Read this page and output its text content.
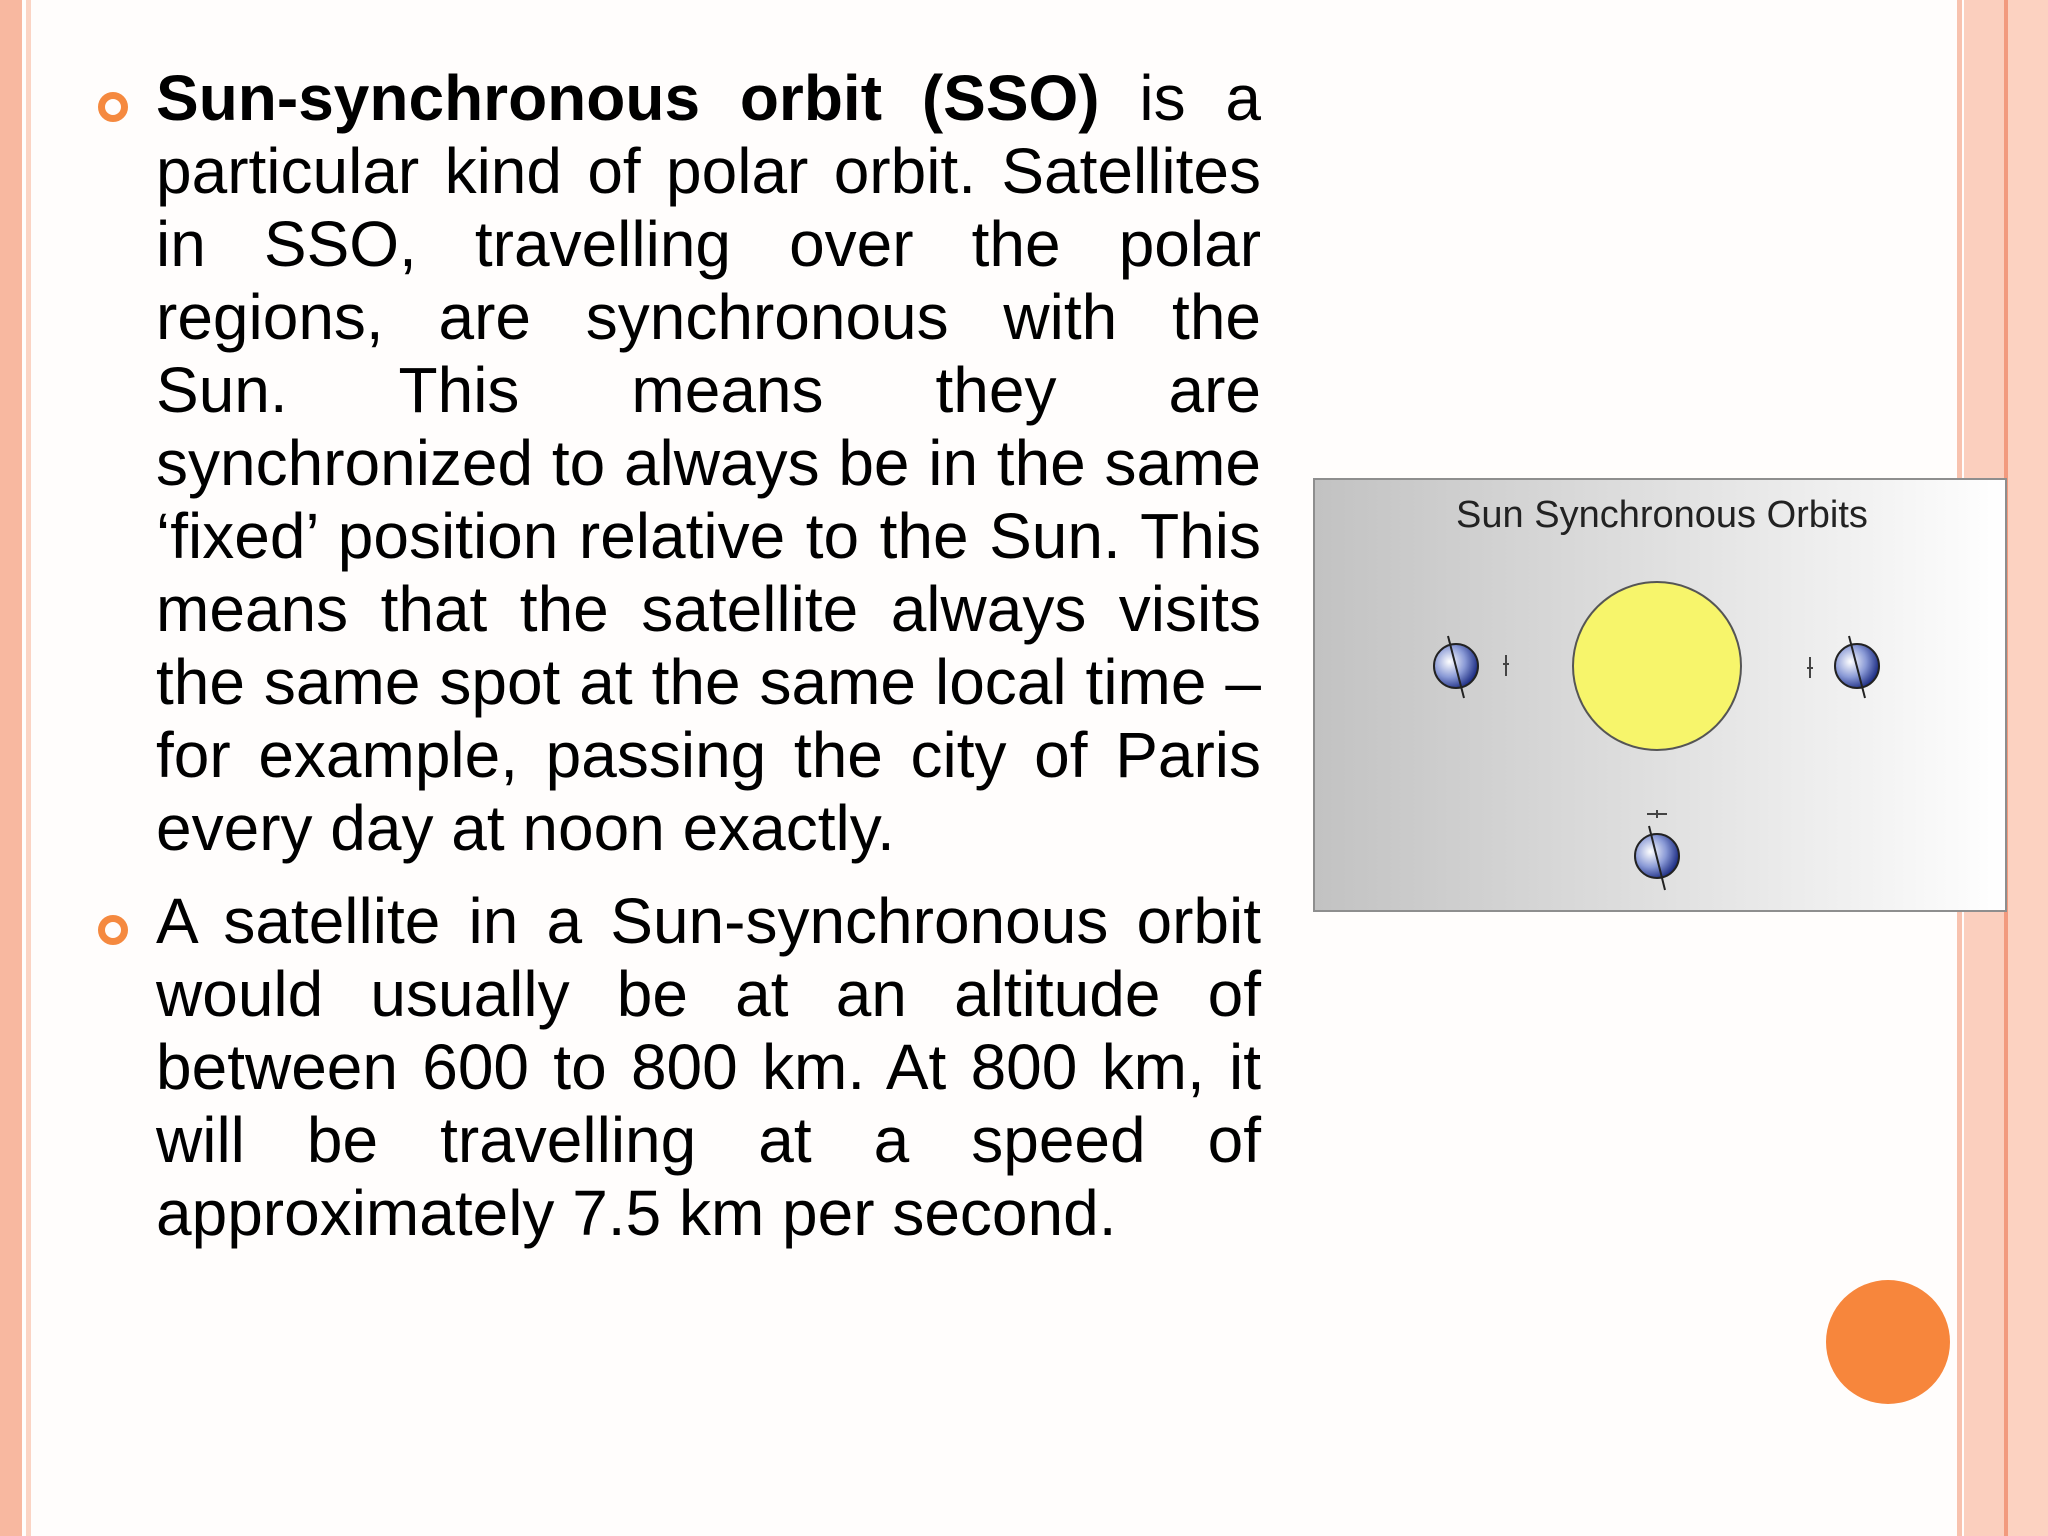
Sun-synchronous orbit (SSO) is a particular kind of polar orbit. Satellites in SSO, travelling over the polar regions, are synchronous with the Sun. This means they are synchronized to always be in the same ‘fixed’ position relative to the Sun. This means that the satellite always visits the same spot at the same local time – for example, passing the city of Paris every day at noon exactly.

A satellite in a Sun-synchronous orbit would usually be at an altitude of between 600 to 800 km. At 800 km, it will be travelling at a speed of approximately 7.5 km per second.

Sun Synchronous Orbits
